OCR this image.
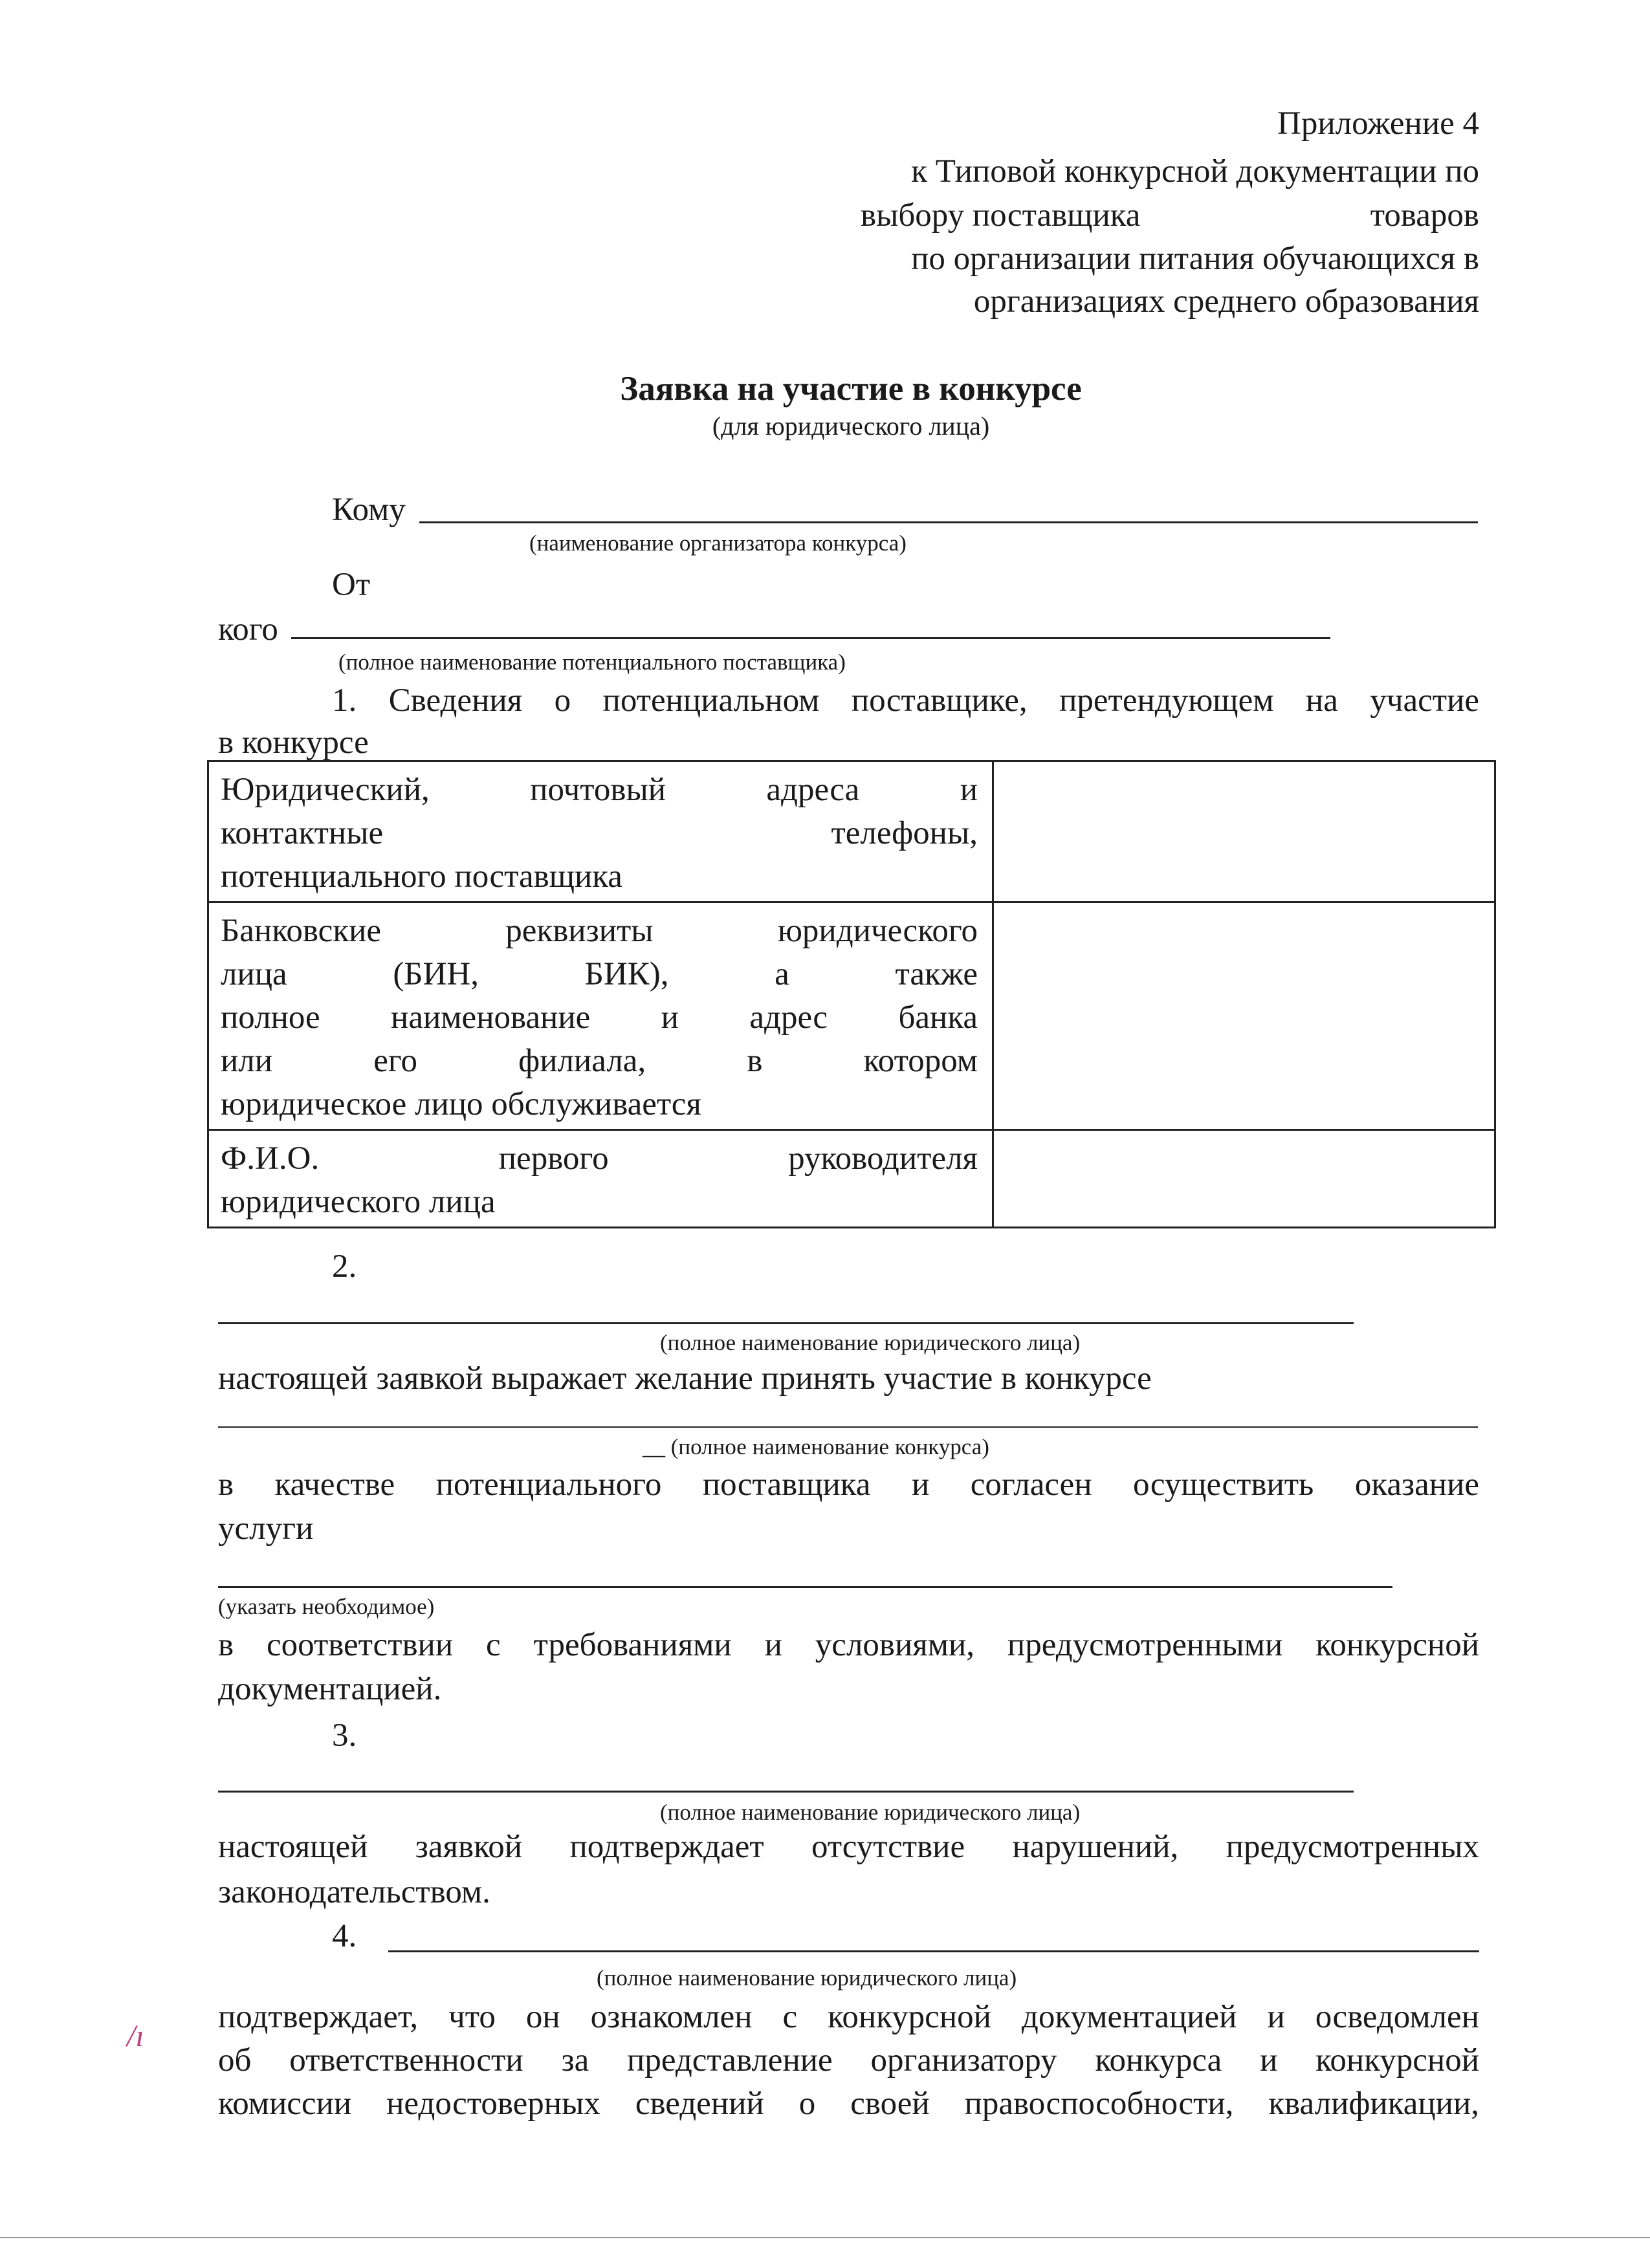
Приложение 4
к Типовой конкурсной документации по
выбору поставщика	товаров
по организации питания обучающихся в
организациях среднего образования
Заявка на участие в конкурсе
(для юридического лица)
Кому
(наименование организатора конкурса)
От
кого
(полное наименование потенциального поставщика)
1. Сведения о потенциальном поставщике, претендующем на участие
в конкурсе
Юридический, почтовый адреса и
контактные телефоны,
потенциального поставщика	

Банковские реквизиты юридического
лица (БИН, БИК), а также
полное наименование и адрес банка
или его филиала, в котором
юридическое лицо обслуживается	

Ф.И.О. первого руководителя
юридического лица	

2.
(полное наименование юридического лица)
настоящей заявкой выражает желание принять участие в конкурсе
__ (полное наименование конкурса)
в качестве потенциального поставщика и согласен осуществить оказание
услуги
(указать необходимое)
в соответствии с требованиями и условиями, предусмотренными конкурсной
документацией.
3.
(полное наименование юридического лица)
настоящей заявкой подтверждает отсутствие нарушений, предусмотренных
законодательством.
4.
(полное наименование юридического лица)
подтверждает, что он ознакомлен с конкурсной документацией и осведомлен
об ответственности за представление организатору конкурса и конкурсной
комиссии недостоверных сведений о своей правоспособности, квалификации,
/ı
